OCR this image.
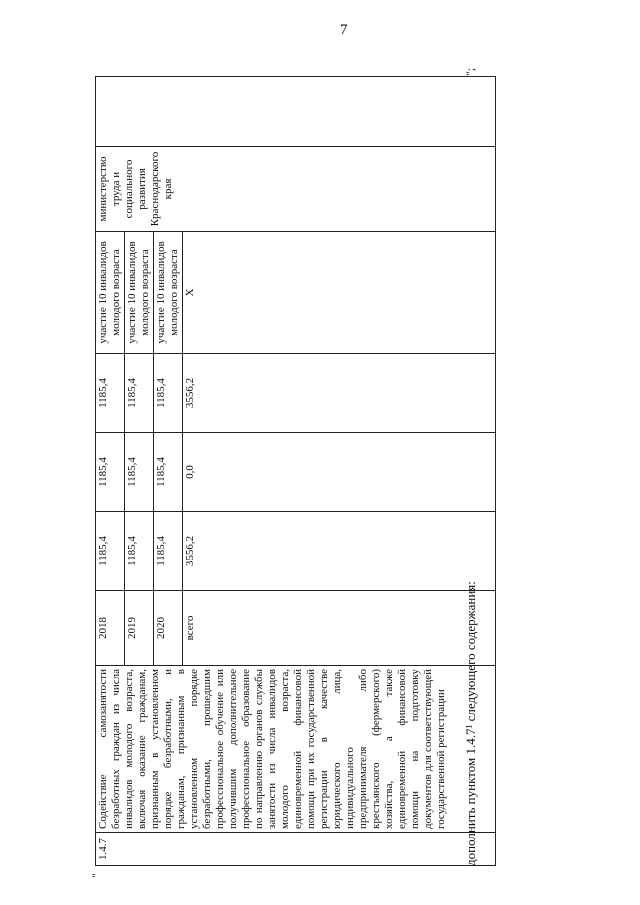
7
"
1.4.7	Содействие самозанятости безработных граждан из числа инвалидов молодого возраста, включая оказание гражданам, признанным в установленном порядке безработными, и гражданам, признанным в установленном порядке безработными, прошедшим профессиональное обучение или получившим дополнительное профессиональное образование по направлению органов службы занятости из числа инвалидов молодого возраста, единовременной финансовой помощи при их государственной регистрации в качестве юридического лица, индивидуального предпринимателя либо крестьянского (фермерского) хозяйства, а также единовременной финансовой помощи на подготовку документов для соответствующей государственной регистрации	2018	1185,4	1185,4	1185,4	участие 10 инвалидов молодого возраста	министерство труда и социального развития Краснодарского края	
		2019	1185,4	1185,4	1185,4	участие 10 инвалидов молодого возраста		
		2020	1185,4	1185,4	1185,4	участие 10 инвалидов молодого возраста		
		всего	3556,2	0,0	3556,2	Х		
";
дополнить пунктом 1.4.7¹ следующего содержания:
